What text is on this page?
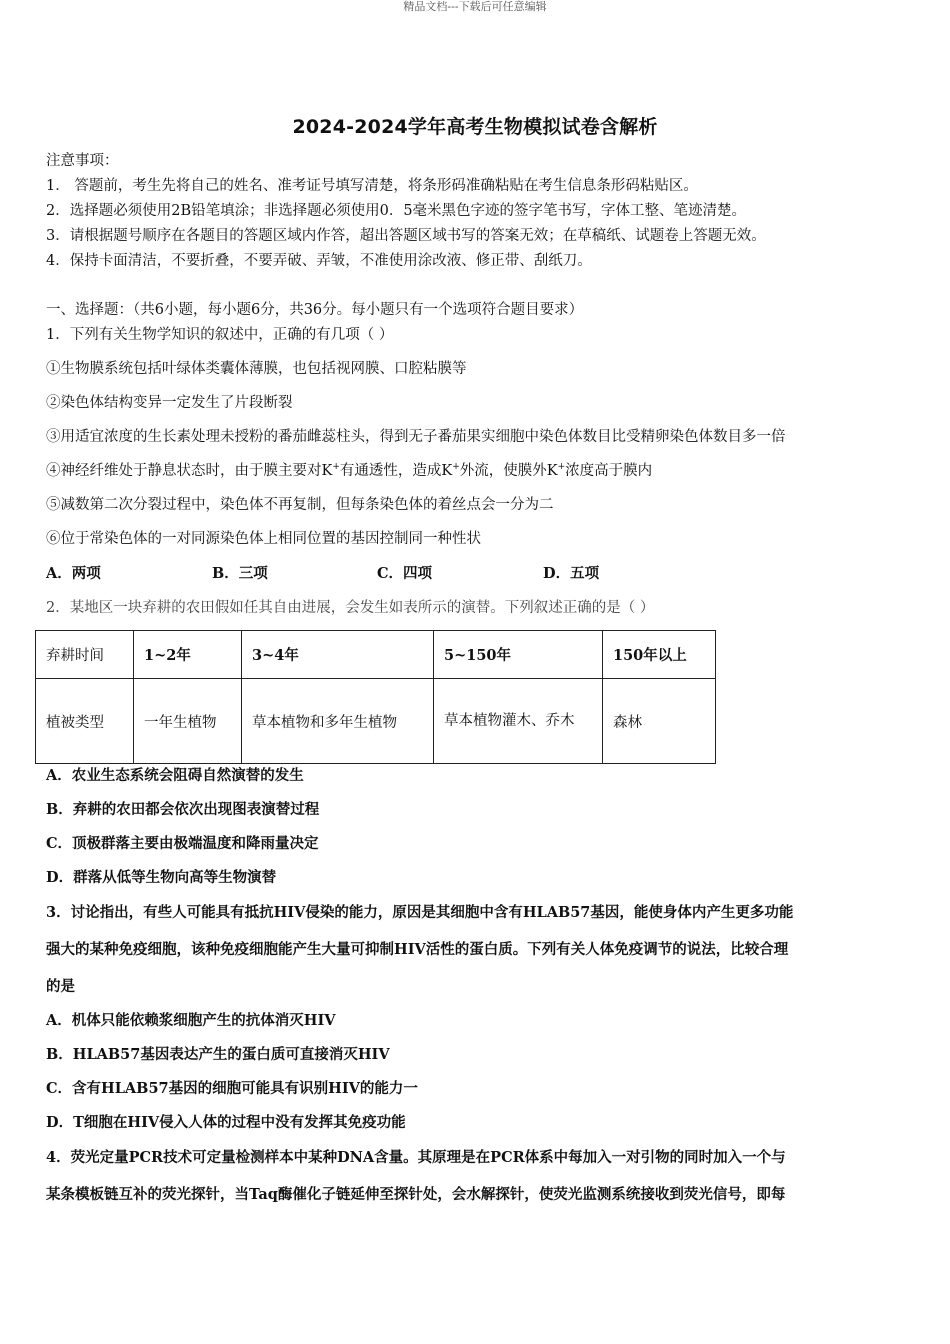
精品文档---下载后可任意编辑
2024-2024学年高考生物模拟试卷含解析
注意事项：
1． 答题前，考生先将自己的姓名、准考证号填写清楚，将条形码准确粘贴在考生信息条形码粘贴区。
2．选择题必须使用2B铅笔填涂；非选择题必须使用0．5毫米黑色字迹的签字笔书写，字体工整、笔迹清楚。
3．请根据题号顺序在各题目的答题区域内作答，超出答题区域书写的答案无效；在草稿纸、试题卷上答题无效。
4．保持卡面清洁，不要折叠，不要弄破、弄皱，不准使用涂改液、修正带、刮纸刀。
一、选择题：（共6小题，每小题6分，共36分。每小题只有一个选项符合题目要求）
1．下列有关生物学知识的叙述中，正确的有几项（ ）
①生物膜系统包括叶绿体类囊体薄膜，也包括视网膜、口腔粘膜等
②染色体结构变异一定发生了片段断裂
③用适宜浓度的生长素处理未授粉的番茄雌蕊柱头，得到无子番茄果实细胞中染色体数目比受精卵染色体数目多一倍
④神经纤维处于静息状态时，由于膜主要对K+有通透性，造成K+外流，使膜外K+浓度高于膜内
⑤减数第二次分裂过程中，染色体不再复制，但每条染色体的着丝点会一分为二
⑥位于常染色体的一对同源染色体上相同位置的基因控制同一种性状
A．两项	B．三项	C．四项	D．五项
2．某地区一块弃耕的农田假如任其自由进展，会发生如表所示的演替。下列叙述正确的是（ ）
弃耕时间	1~2年	3~4年	5~150年	150年以上
植被类型	一年生植物	草本植物和多年生植物	草本植物灌木、乔木	森林
A．农业生态系统会阻碍自然演替的发生
B．弃耕的农田都会依次出现图表演替过程
C．顶极群落主要由极端温度和降雨量决定
D．群落从低等生物向高等生物演替
3．讨论指出，有些人可能具有抵抗HIV侵染的能力，原因是其细胞中含有HLAB57基因，能使身体内产生更多功能
强大的某种免疫细胞，该种免疫细胞能产生大量可抑制HIV活性的蛋白质。下列有关人体免疫调节的说法，比较合理
的是
A．机体只能依赖浆细胞产生的抗体消灭HIV
B．HLAB57基因表达产生的蛋白质可直接消灭HIV
C．含有HLAB57基因的细胞可能具有识别HIV的能力一
D．T细胞在HIV侵入人体的过程中没有发挥其免疫功能
4．荧光定量PCR技术可定量检测样本中某种DNA含量。其原理是在PCR体系中每加入一对引物的同时加入一个与
某条模板链互补的荧光探针，当Taq酶催化子链延伸至探针处，会水解探针，使荧光监测系统接收到荧光信号，即每
